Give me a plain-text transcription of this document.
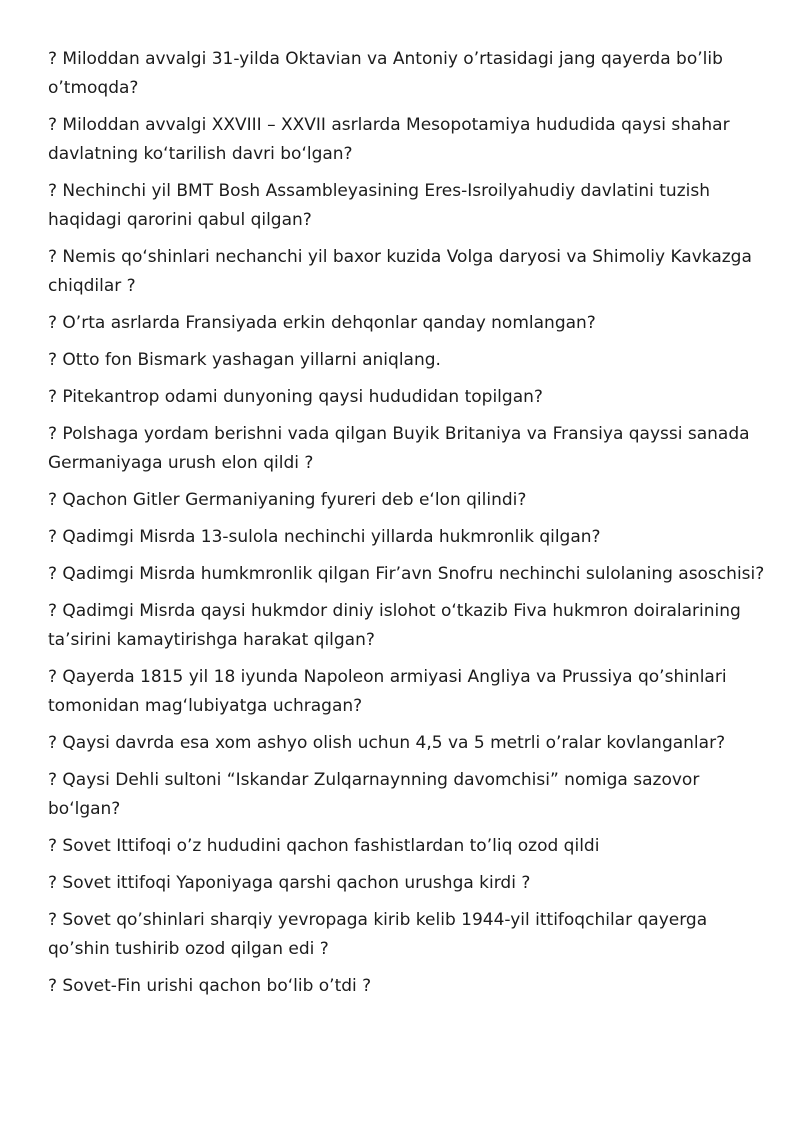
? Miloddan avvalgi 31-yilda Oktavian va Antoniy o’rtasidagi jang qayerda bo’lib o’tmoqda?
? Miloddan avvalgi XXVIII – XXVII asrlarda Mesopotamiya hududida qaysi shahar davlatning ko‘tarilish davri bo‘lgan?
? Nechinchi yil BMT Bosh Assambleyasining Eres-Isroilyahudiy davlatini tuzish haqidagi qarorini qabul qilgan?
? Nemis qo‘shinlari nechanchi yil baxor kuzida Volga daryosi va Shimoliy Kavkazga chiqdilar ?
? O’rta asrlarda Fransiyada erkin dehqonlar qanday nomlangan?
? Otto fon Bismark yashagan yillarni aniqlang.
? Pitekantrop odami dunyoning qaysi hududidan topilgan?
? Polshaga yordam berishni vada qilgan Buyik Britaniya va Fransiya qayssi sanada Germaniyaga urush elon qildi ?
? Qachon Gitler Germaniyaning fyureri deb e‘lon qilindi?
? Qadimgi Misrda 13-sulola nechinchi yillarda hukmronlik qilgan?
? Qadimgi Misrda humkmronlik qilgan Fir’avn Snofru nechinchi sulolaning asoschisi?
? Qadimgi Misrda qaysi hukmdor diniy islohot o‘tkazib Fiva hukmron doiralarining ta’sirini kamaytirishga harakat qilgan?
? Qayerda 1815 yil 18 iyunda Napoleon armiyasi Angliya va Prussiya qo’shinlari tomonidan mag‘lubiyatga uchragan?
? Qaysi davrda esa xom ashyo olish uchun 4,5 va 5 metrli o’ralar kovlanganlar?
? Qaysi Dehli sultoni “Iskandar Zulqarnaynning davomchisi” nomiga sazovor bo‘lgan?
? Sovet Ittifoqi o’z hududini qachon fashistlardan to’liq ozod qildi
? Sovet ittifoqi Yaponiyaga qarshi qachon urushga kirdi ?
? Sovet qo’shinlari sharqiy yevropaga kirib kelib 1944-yil ittifoqchilar qayerga qo’shin tushirib ozod qilgan edi ?
? Sovet-Fin urishi qachon bo‘lib o’tdi ?
